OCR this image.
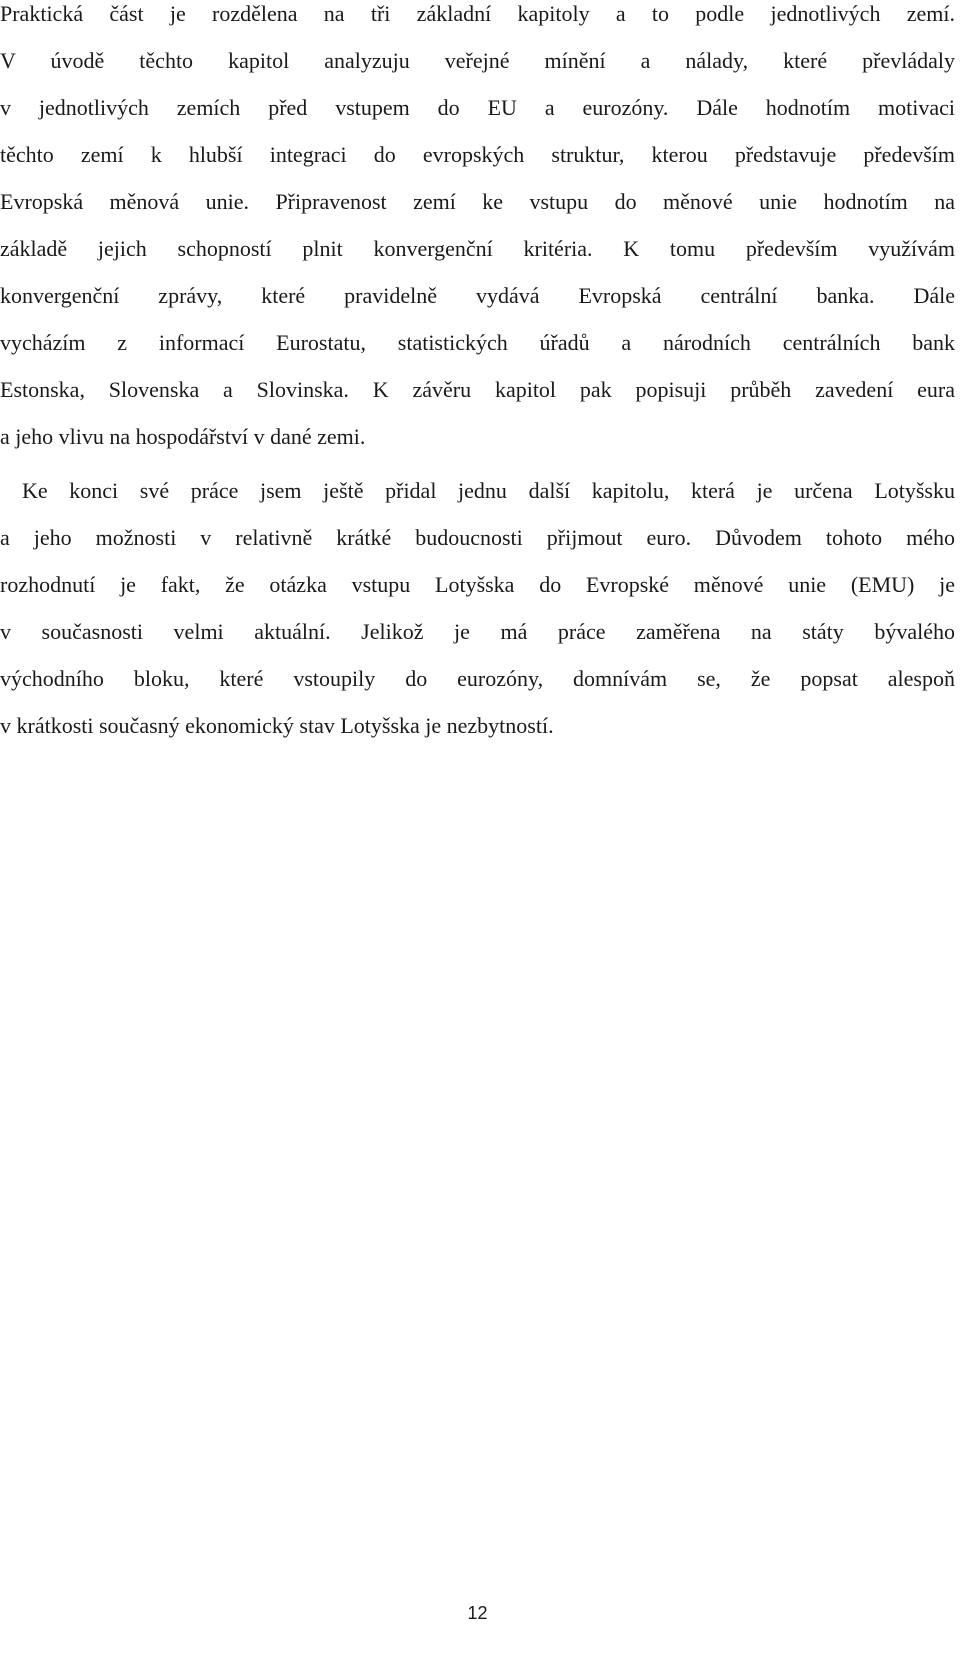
Praktická část je rozdělena na tři základní kapitoly a to podle jednotlivých zemí.
V úvodě těchto kapitol analyzuju veřejné mínění a nálady, které převládaly
v jednotlivých zemích před vstupem do EU a eurozóny. Dále hodnotím motivaci
těchto zemí k hlubší integraci do evropských struktur, kterou představuje především
Evropská měnová unie. Připravenost zemí ke vstupu do měnové unie hodnotím na
základě jejich schopností plnit konvergenční kritéria. K tomu především využívám
konvergenční zprávy, které pravidelně vydává Evropská centrální banka. Dále
vycházím z informací Eurostatu, statistických úřadů a národních centrálních bank
Estonska, Slovenska a Slovinska. K závěru kapitol pak popisuji průběh zavedení eura
a jeho vlivu na hospodářství v dané zemi.
Ke konci své práce jsem ještě přidal jednu další kapitolu, která je určena Lotyšsku
a jeho možnosti v relativně krátké budoucnosti přijmout euro. Důvodem tohoto mého
rozhodnutí je fakt, že otázka vstupu Lotyšska do Evropské měnové unie (EMU) je
v současnosti velmi aktuální. Jelikož je má práce zaměřena na státy bývalého
východního bloku, které vstoupily do eurozóny, domnívám se, že popsat alespoň
v krátkosti současný ekonomický stav Lotyšska je nezbytností.
12
